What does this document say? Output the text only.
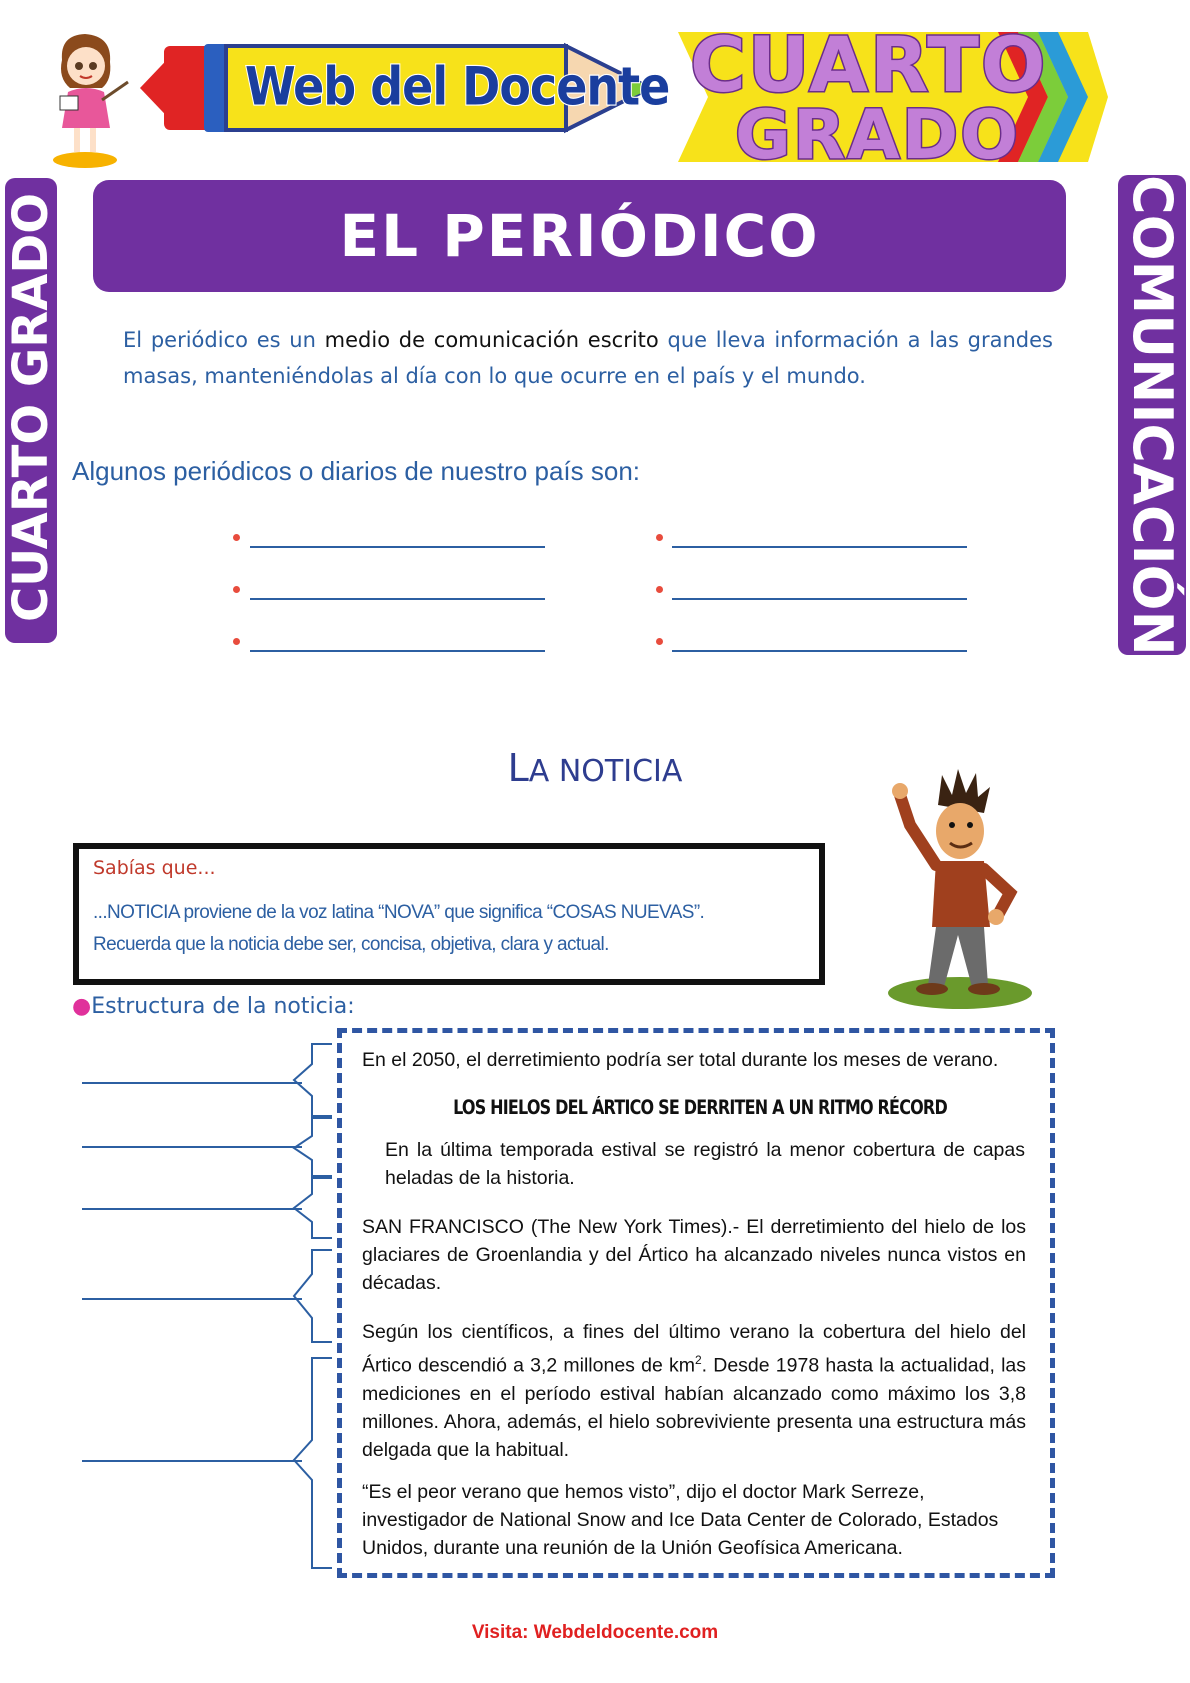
Web del Docente CUARTO
GRADO
CUARTO GRADO	COMUNICACIÓN
EL PERIÓDICO
El periódico es un medio de comunicación escrito que lleva información a las grandes masas, manteniéndolas al día con lo que ocurre en el país y el mundo.
Algunos periódicos o diarios de nuestro país son:
LA NOTICIA
Sabías que...
...NOTICIA proviene de la voz latina “NOVA” que significa “COSAS NUEVAS”.
Recuerda que la noticia debe ser, concisa, objetiva, clara y actual.
●Estructura de la noticia:
En el 2050, el derretimiento podría ser total durante los meses de verano.
LOS HIELOS DEL ÁRTICO SE DERRITEN A UN RITMO RÉCORD
En la última temporada estival se registró la menor cobertura de capas heladas de la historia.
SAN FRANCISCO (The New York Times).- El derretimiento del hielo de los glaciares de Groenlandia y del Ártico ha alcanzado niveles nunca vistos en décadas.
Según los científicos, a fines del último verano la cobertura del hielo del Ártico descendió a 3,2 millones de $km^2$. Desde 1978 hasta la actualidad, las mediciones en el período estival habían alcanzado como máximo los 3,8 millones. Ahora, además, el hielo sobreviviente presenta una estructura más delgada que la habitual.
“Es el peor verano que hemos visto”, dijo el doctor Mark Serreze, investigador de National Snow and Ice Data Center de Colorado, Estados Unidos, durante una reunión de la Unión Geofísica Americana.
Visita: Webdeldocente.com
